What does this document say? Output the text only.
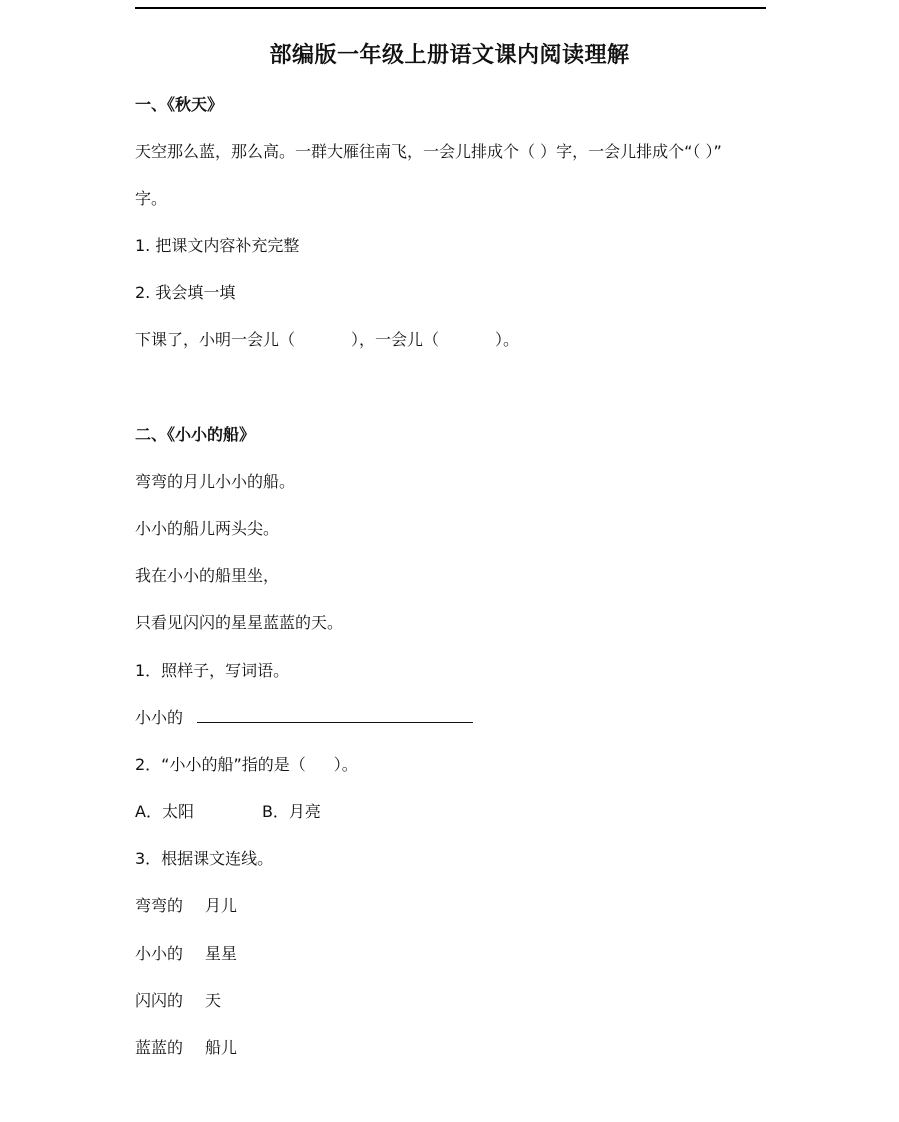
部编版一年级上册语文课内阅读理解
一、《秋天》
天空那么蓝，那么高。一群大雁往南飞，一会儿排成个（ ）字，一会儿排成个“（ ）”
字。
1. 把课文内容补充完整
2. 我会填一填
下课了，小明一会儿（	），一会儿（	）。
二、《小小的船》
弯弯的月儿小小的船。
小小的船儿两头尖。
我在小小的船里坐，
只看见闪闪的星星蓝蓝的天。
1．照样子，写词语。
小小的
2．“小小的船”指的是（ ）。
A．太阳	B．月亮
3．根据课文连线。
弯弯的 月儿
小小的 星星
闪闪的 天
蓝蓝的 船儿
